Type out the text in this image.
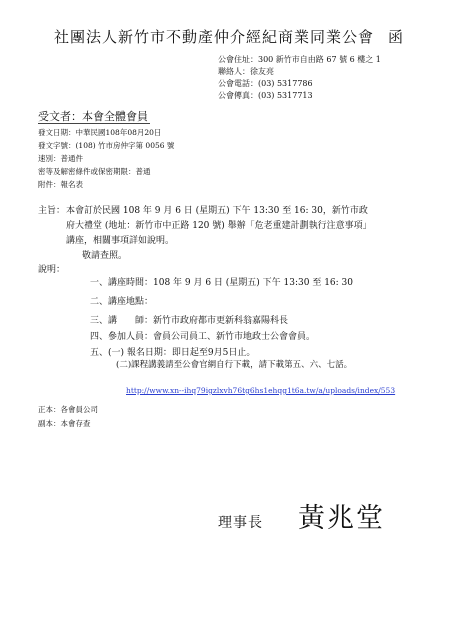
社團法人新竹市不動產仲介經紀商業同業公會 函
公會住址：300 新竹市自由路 67 號 6 樓之 1
聯絡人：徐友亮
公會電話：(03) 5317786
公會傳真：(03) 5317713
受文者：本會全體會員
發文日期：中華民國108年08月20日
發文字號：(108) 竹市房仲字第 0056 號
速別：普通件
密等及解密條件或保密期限：普通
附件：報名表
主旨： 本會訂於民國 108 年 9 月 6 日 (星期五) 下午 13:30 至 16: 30，新竹市政
府大禮堂 (地址：新竹市中正路 120 號) 舉辦「危老重建計劃執行注意事項」
講座，相關事項詳如說明。
敬請查照。
說明：
一、講座時間：108 年 9 月 6 日 (星期五) 下午 13:30 至 16: 30
二、講座地點：
三、講　　師：新竹市政府都市更新科翁嘉陽科長
四、參加人員：會員公司員工、新竹市地政士公會會員。
五、(一) 報名日期：即日起至9月5日止。
(二)課程講義請至公會官網自行下載，請下載第五、六、七話。
http://www.xn--ihq79igzlxvh76tg6hs1ehqg1t6a.tw/a/uploads/index/553
正本：各會員公司
副本：本會存查
理事長 黃兆堂
